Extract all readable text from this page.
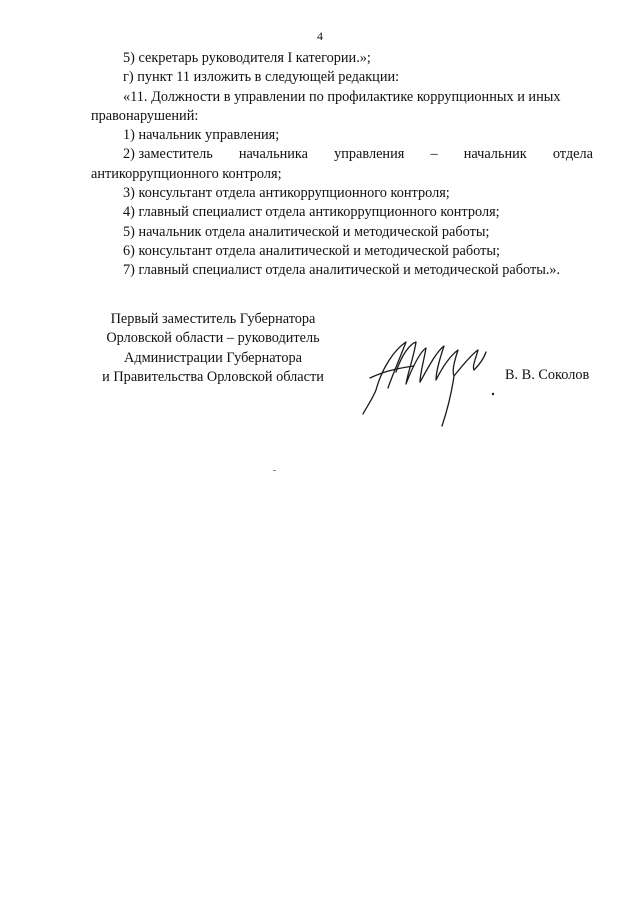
4

5) секретарь руководителя I категории.»;

г) пункт 11 изложить в следующей редакции:

«11. Должности в управлении по профилактике коррупционных и иных

правонарушений:

1) начальник управления;

2) заместитель начальника управления – начальник отдела

антикоррупционного контроля;

3) консультант отдела антикоррупционного контроля;

4) главный специалист отдела антикоррупционного контроля;

5) начальник отдела аналитической и методической работы;

6) консультант отдела аналитической и методической работы;

7) главный специалист отдела аналитической и методической работы.».

Первый заместитель Губернатора
Орловской области – руководитель
Администрации Губернатора
и Правительства Орловской области	В. В. Соколов
